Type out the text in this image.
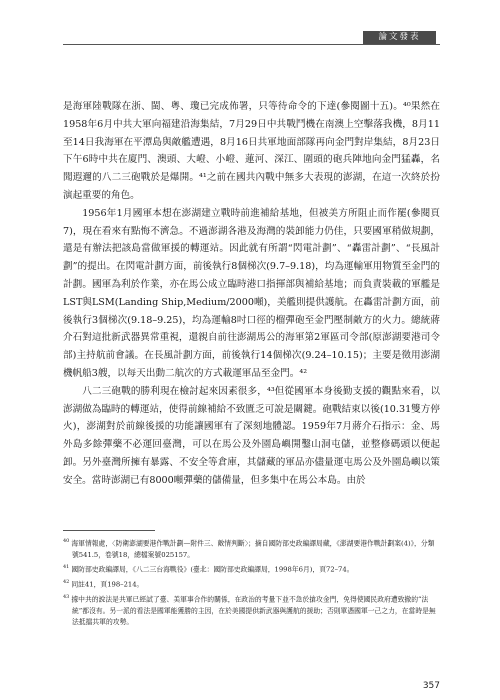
論文發表

是海軍陸戰隊在浙、閩、粵、瓊已完成佈署，只等待命令的下達(參閱圖十五)。⁴⁰果然在1958年6月中共大軍向福建沿海集結，7月29日中共戰鬥機在南澳上空擊落我機，8月11至14日我海軍在平潭島與敵艦遭遇，8月16日共軍地面部隊再向金門對岸集結，8月23日下午6時中共在廈門、澳頭、大嶝、小嶝、蓮河、深江、圍頭的砲兵陣地向金門猛轟，名聞遐邇的八二三砲戰於是爆開。⁴¹之前在國共內戰中無多大表現的澎湖，在這一次終於扮演起重要的角色。

1956年1月國軍本想在澎湖建立戰時前進補給基地，但被美方所阻止而作罷(參閱頁7)，現在看來有點悔不濟急。不過澎湖各港及海灣的裝卸能力仍佳，只要國軍稍做規劃，還是有辦法把該島當做軍援的轉運站。因此就有所謂“閃電計劃”、“轟雷計劃”、“長風計劃”的提出。在閃電計劃方面，前後執行8個梯次(9.7–9.18)，均為運輸軍用物質至金門的計劃。國軍為利於作業，亦在馬公成立臨時港口指揮部與補給基地；而負責裝載的軍艦是LST與LSM(Landing Ship,Medium/2000噸)，美艦則提供護航。在轟雷計劃方面，前後執行3個梯次(9.18–9.25)，均為運輸8吋口徑的榴彈砲至金門壓制敵方的火力。總統蔣介石對這批新武器異常重視，還親自前往澎湖馬公的海軍第2軍區司令部(原澎湖要港司令部)主持航前會議。在長風計劃方面，前後執行14個梯次(9.24–10.15)；主要是徵用澎湖機帆船3艘，以每天出動二航次的方式載運軍品至金門。⁴²

八二三砲戰的勝利現在檢討起來因素很多，⁴³但從國軍本身後勤支援的觀點來看，以澎湖做為臨時的轉運站，使得前線補給不致匱乏可說是關鍵。砲戰結束以後(10.31雙方停火)，澎湖對於前線後援的功能讓國軍有了深刻地體認。1959年7月蔣介石指示：金、馬外島多餘彈藥不必運回臺灣，可以在馬公及外園島嶼開鑿山洞屯儲，並整修碼頭以便起卸。另外臺灣所擁有暴露、不安全等倉庫，其儲藏的軍品亦儘量運屯馬公及外園島嶼以策安全。當時澎湖已有8000噸彈藥的儲備量，但多集中在馬公本島。由於

$^{40}$ 海軍情報處，〈防衛澎湖要港作戰計劃—附件三、敵情判斷〉；摘自國防部史政編譯局藏，《澎湖要港作戰計劃案(4)》，分類號541.5，卷號18，總檔案號025157。

$^{41}$ 國防部史政編譯局，《八二三台海戰役》(臺北：國防部史政編譯局，1998年6月)，頁72–74。

$^{42}$ 同註41，頁198–214。

$^{43}$ 據中共的說法是共軍已經試了臺、美軍事合作的關係，在政治的考量下並不急於搶攻金門，免得使國民政府遭致撤的“法統”都沒有。另一派的看法是國軍能獲勝的主因，在於美國提供新武器與護航的援助；否則單憑國軍一己之力，在當時是無法抵擋共軍的攻勢。

357
